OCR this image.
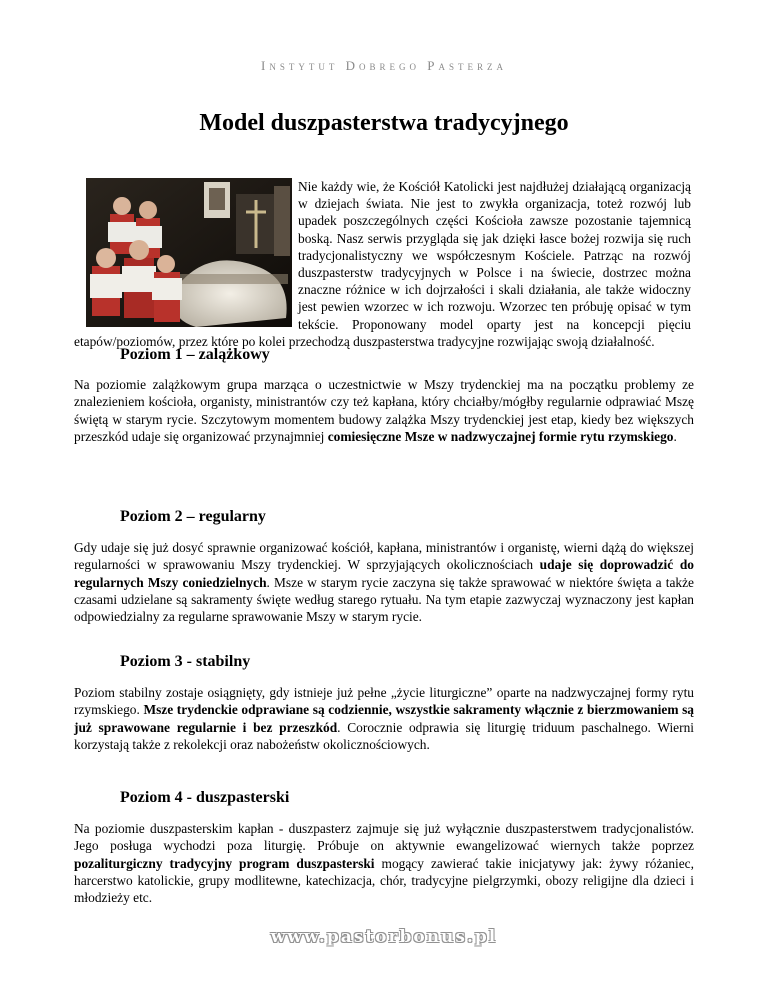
Instytut Dobrego Pasterza
Model duszpasterstwa tradycyjnego

Nie każdy wie, że Kościół Katolicki jest najdłużej działającą organizacją w dziejach świata. Nie jest to zwykła organizacja, toteż rozwój lub upadek poszczególnych części Kościoła zawsze pozostanie tajemnicą boską. Nasz serwis przygląda się jak dzięki łasce bożej rozwija się ruch tradycjonalistyczny we współczesnym Kościele. Patrząc na rozwój duszpasterstw tradycyjnych w Polsce i na świecie, dostrzec można znaczne różnice w ich dojrzałości i skali działania, ale także widoczny jest pewien wzorzec w ich rozwoju. Wzorzec ten próbuję opisać w tym tekście. Proponowany model oparty jest na koncepcji pięciu etapów/poziomów, przez które po kolei przechodzą duszpasterstwa tradycyjne rozwijając swoją działalność.

Poziom 1 – zalążkowy

Na poziomie zalążkowym grupa marząca o uczestnictwie w Mszy trydenckiej ma na początku problemy ze znalezieniem kościoła, organisty, ministrantów czy też kapłana, który chciałby/mógłby regularnie odprawiać Mszę świętą w starym rycie. Szczytowym momentem budowy zalążka Mszy trydenckiej jest etap, kiedy bez większych przeszkód udaje się organizować przynajmniej comiesięczne Msze w nadzwyczajnej formie rytu rzymskiego.

Poziom 2 – regularny

Gdy udaje się już dosyć sprawnie organizować kościół, kapłana, ministrantów i organistę, wierni dążą do większej regularności w sprawowaniu Mszy trydenckiej. W sprzyjających okolicznościach udaje się doprowadzić do regularnych Mszy coniedzielnych. Msze w starym rycie zaczyna się także sprawować w niektóre święta a także czasami udzielane są sakramenty święte według starego rytuału. Na tym etapie zazwyczaj wyznaczony jest kapłan odpowiedzialny za regularne sprawowanie Mszy w starym rycie.

Poziom 3 - stabilny

Poziom stabilny zostaje osiągnięty, gdy istnieje już pełne „życie liturgiczne” oparte na nadzwyczajnej formy rytu rzymskiego. Msze trydenckie odprawiane są codziennie, wszystkie sakramenty włącznie z bierzmowaniem są już sprawowane regularnie i bez przeszkód. Corocznie odprawia się liturgię triduum paschalnego. Wierni korzystają także z rekolekcji oraz nabożeństw okolicznościowych.

Poziom 4 - duszpasterski

Na poziomie duszpasterskim kapłan - duszpasterz zajmuje się już wyłącznie duszpasterstwem tradycjonalistów. Jego posługa wychodzi poza liturgię. Próbuje on aktywnie ewangelizować wiernych także poprzez pozaliturgiczny tradycyjny program duszpasterski mogący zawierać takie inicjatywy jak: żywy różaniec, harcerstwo katolickie, grupy modlitewne, katechizacja, chór, tradycyjne pielgrzymki, obozy religijne dla dzieci i młodzieży etc.

www.pastorbonus.pl
